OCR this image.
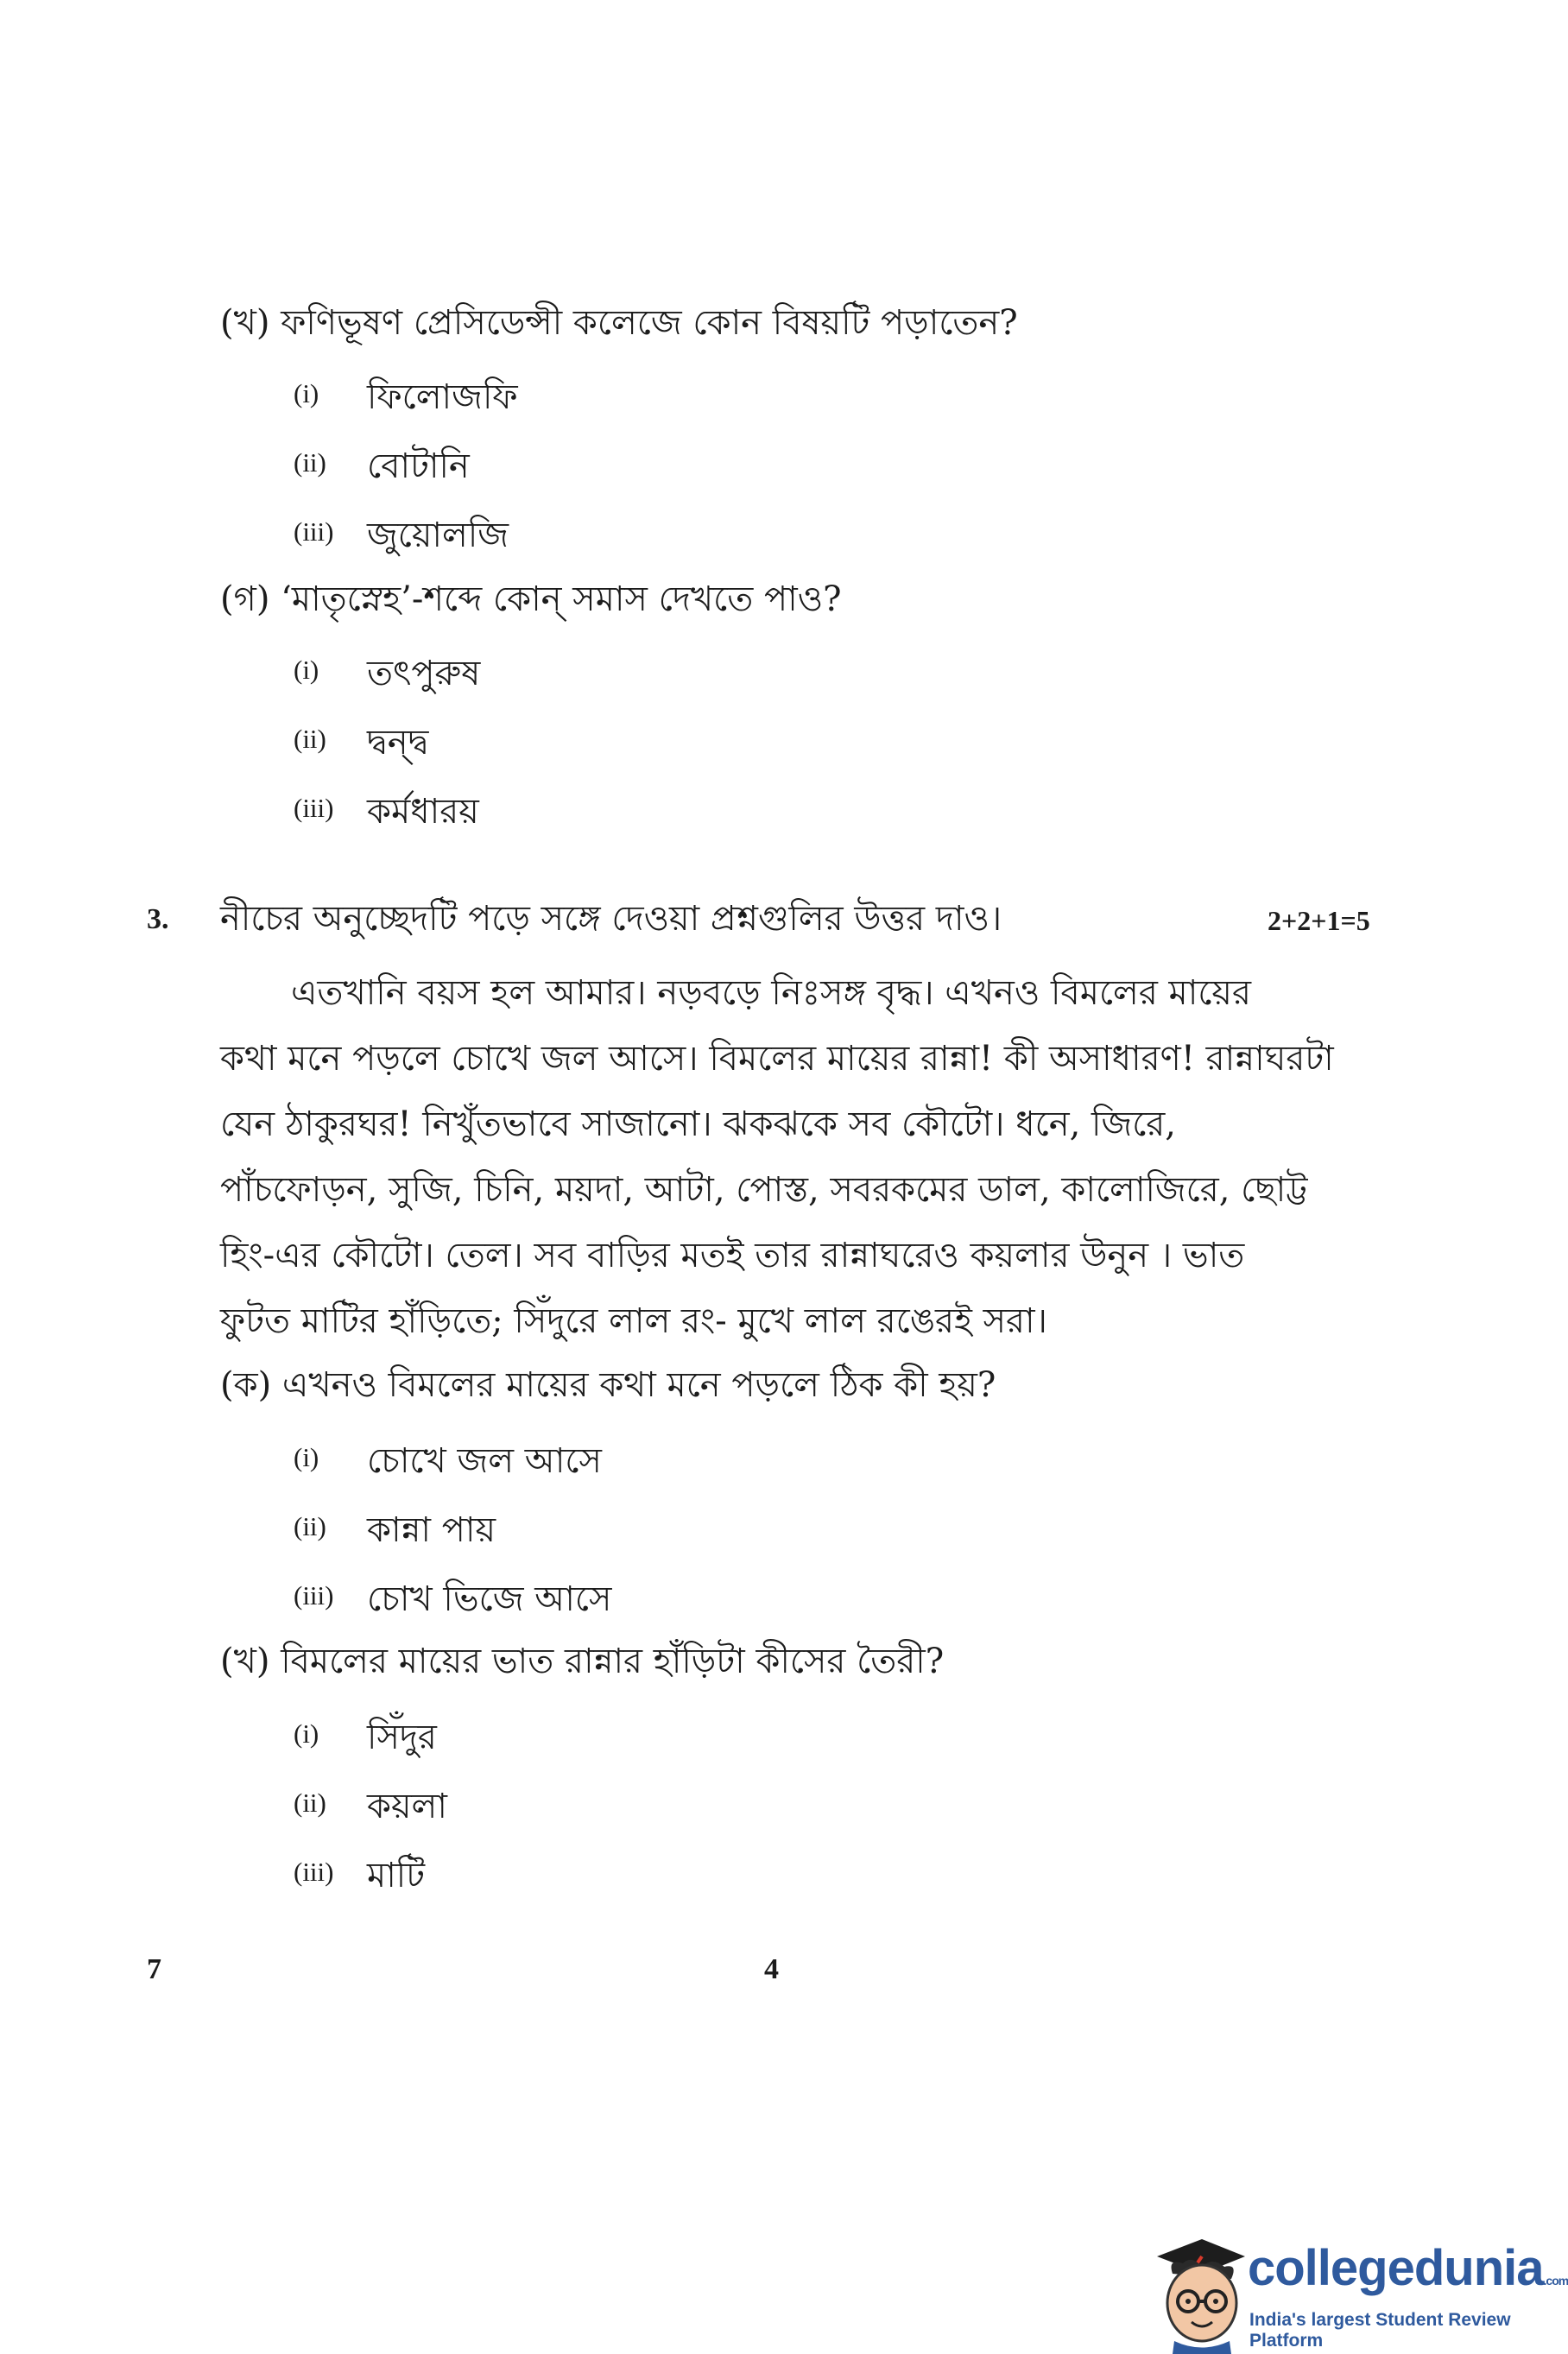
(খ) ফণিভূষণ প্রেসিডেন্সী কলেজে কোন বিষয়টি পড়াতেন?
(i) ফিলোজফি
(ii) বোটানি
(iii) জুয়োলজি
(গ) ‘মাতৃস্নেহ’-শব্দে কোন্ সমাস দেখতে পাও?
(i) তৎপুরুষ
(ii) দ্বন্দ্ব
(iii) কর্মধারয়
3. নীচের অনুচ্ছেদটি পড়ে সঙ্গে দেওয়া প্রশ্নগুলির উত্তর দাও।	2+2+1=5
এতখানি বয়স হল আমার। নড়বড়ে নিঃসঙ্গ বৃদ্ধ। এখনও বিমলের মায়ের
কথা মনে পড়লে চোখে জল আসে। বিমলের মায়ের রান্না! কী অসাধারণ! রান্নাঘরটা
যেন ঠাকুরঘর! নিখুঁতভাবে সাজানো। ঝকঝকে সব কৌটো। ধনে, জিরে,
পাঁচফোড়ন, সুজি, চিনি, ময়দা, আটা, পোস্ত, সবরকমের ডাল, কালোজিরে, ছোট্ট
হিং-এর কৌটো। তেল। সব বাড়ির মতই তার রান্নাঘরেও কয়লার উনুন । ভাত
ফুটত মাটির হাঁড়িতে; সিঁদুরে লাল রং- মুখে লাল রঙেরই সরা।
(ক) এখনও বিমলের মায়ের কথা মনে পড়লে ঠিক কী হয়?
(i) চোখে জল আসে
(ii) কান্না পায়
(iii) চোখ ভিজে আসে
(খ) বিমলের মায়ের ভাত রান্নার হাঁড়িটা কীসের তৈরী?
(i) সিঁদুর
(ii) কয়লা
(iii) মাটি
7	4
collegedunia.com
India's largest Student Review Platform
